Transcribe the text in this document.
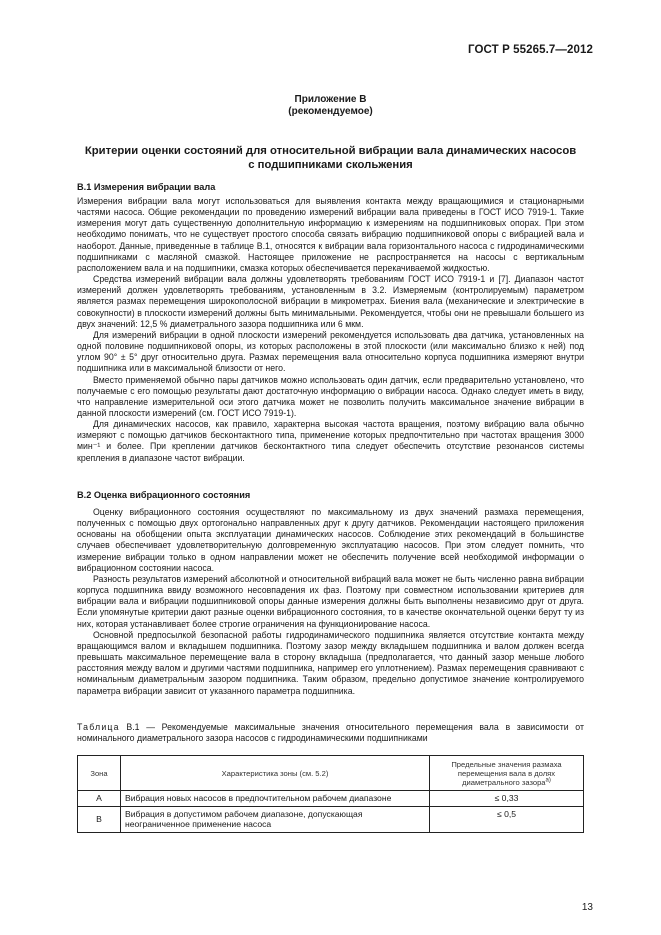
ГОСТ Р 55265.7—2012
Приложение В
(рекомендуемое)
Критерии оценки состояний для относительной вибрации вала динамических насосов
с подшипниками скольжения

В.1 Измерения вибрации вала

Измерения вибрации вала могут использоваться для выявления контакта между вращающимися и стационарными частями насоса. Общие рекомендации по проведению измерений вибрации вала приведены в ГОСТ ИСО 7919-1. Такие измерения могут дать существенную дополнительную информацию к измерениям на подшипниковых опорах. При этом необходимо понимать, что не существует простого способа связать вибрацию подшипниковой опоры с вибрацией вала и наоборот. Данные, приведенные в таблице В.1, относятся к вибрации вала горизонтального насоса с гидродинамическими подшипниками с масляной смазкой. Настоящее приложение не распространяется на насосы с вертикальным расположением вала и на подшипники, смазка которых обеспечивается перекачиваемой жидкостью.

Средства измерений вибрации вала должны удовлетворять требованиям ГОСТ ИСО 7919-1 и [7]. Диапазон частот измерений должен удовлетворять требованиям, установленным в 3.2. Измеряемым (контролируемым) параметром является размах перемещения широкополосной вибрации в микрометрах. Биения вала (механические и электрические в совокупности) в плоскости измерений должны быть минимальными. Рекомендуется, чтобы они не превышали большего из двух значений: 12,5 % диаметрального зазора подшипника или 6 мкм.

Для измерений вибрации в одной плоскости измерений рекомендуется использовать два датчика, установленных на одной половине подшипниковой опоры, из которых расположены в этой плоскости (или максимально близко к ней) под углом 90° ± 5° друг относительно друга. Размах перемещения вала относительно корпуса подшипника измеряют внутри подшипника или в максимальной близости от него.

Вместо применяемой обычно пары датчиков можно использовать один датчик, если предварительно установлено, что получаемые с его помощью результаты дают достаточную информацию о вибрации насоса. Однако следует иметь в виду, что направление измерительной оси этого датчика может не позволить получить максимальное значение вибрации в данной плоскости измерений (см. ГОСТ ИСО 7919-1).

Для динамических насосов, как правило, характерна высокая частота вращения, поэтому вибрацию вала обычно измеряют с помощью датчиков бесконтактного типа, применение которых предпочтительно при частотах вращения 3000 мин⁻¹ и более. При креплении датчиков бесконтактного типа следует обеспечить отсутствие резонансов системы крепления в диапазоне частот вибрации.

В.2 Оценка вибрационного состояния

Оценку вибрационного состояния осуществляют по максимальному из двух значений размаха перемещения, полученных с помощью двух ортогонально направленных друг к другу датчиков. Рекомендации настоящего приложения основаны на обобщении опыта эксплуатации динамических насосов. Соблюдение этих рекомендаций в большинстве случаев обеспечивает удовлетворительную долговременную эксплуатацию насосов. При этом следует помнить, что измерение вибрации только в одном направлении может не обеспечить получение всей необходимой информации о вибрационном состоянии насоса.

Разность результатов измерений абсолютной и относительной вибраций вала может не быть численно равна вибрации корпуса подшипника ввиду возможного несовпадения их фаз. Поэтому при совместном использовании критериев для вибрации вала и вибрации подшипниковой опоры данные измерения должны быть выполнены независимо друг от друга. Если упомянутые критерии дают разные оценки вибрационного состояния, то в качестве окончательной оценки берут ту из них, которая устанавливает более строгие ограничения на функционирование насоса.

Основной предпосылкой безопасной работы гидродинамического подшипника является отсутствие контакта между вращающимся валом и вкладышем подшипника. Поэтому зазор между вкладышем подшипника и валом должен всегда превышать максимальное перемещение вала в сторону вкладыша (предполагается, что данный зазор меньше любого расстояния между валом и другими частями подшипника, например его уплотнением). Размах перемещения сравнивают с номинальным диаметральным зазором подшипника. Таким образом, предельно допустимое значение контролируемого параметра вибрации зависит от указанного параметра подшипника.

Таблица В.1 — Рекомендуемые максимальные значения относительного перемещения вала в зависимости от номинального диаметрального зазора насосов с гидродинамическими подшипниками
Зона	Характеристика зоны (см. 5.2)	Предельные значения размаха перемещения вала в долях диаметрального зазора$^{a)}$
А	Вибрация новых насосов в предпочтительном рабочем диапазоне	≤ 0,33
В	Вибрация в допустимом рабочем диапазоне, допускающая неограниченное применение насоса	≤ 0,5
13
